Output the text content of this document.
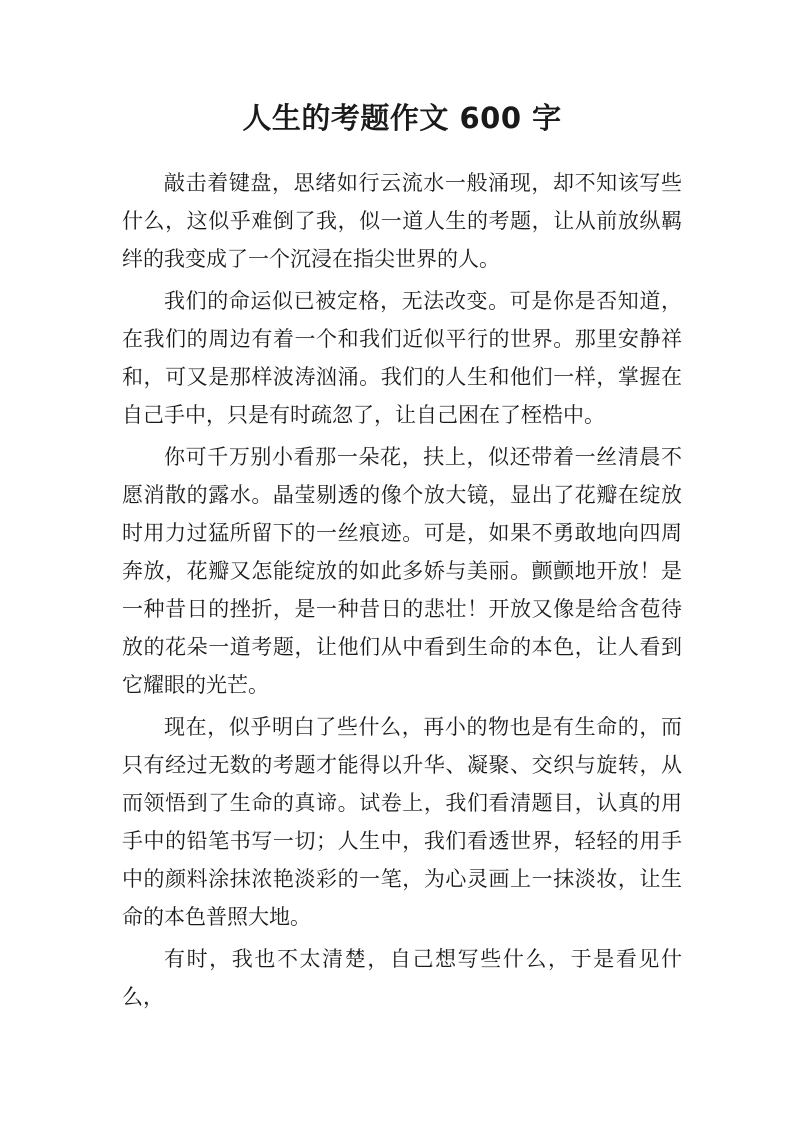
人生的考题作文 600 字

敲击着键盘，思绪如行云流水一般涌现，却不知该写些什么，这似乎难倒了我，似一道人生的考题，让从前放纵羁绊的我变成了一个沉浸在指尖世界的人。

我们的命运似已被定格，无法改变。可是你是否知道，在我们的周边有着一个和我们近似平行的世界。那里安静祥和，可又是那样波涛汹涌。我们的人生和他们一样，掌握在自己手中，只是有时疏忽了，让自己困在了桎梏中。

你可千万别小看那一朵花，扶上，似还带着一丝清晨不愿消散的露水。晶莹剔透的像个放大镜，显出了花瓣在绽放时用力过猛所留下的一丝痕迹。可是，如果不勇敢地向四周奔放，花瓣又怎能绽放的如此多娇与美丽。颤颤地开放！是一种昔日的挫折，是一种昔日的悲壮！开放又像是给含苞待放的花朵一道考题，让他们从中看到生命的本色，让人看到它耀眼的光芒。

现在，似乎明白了些什么，再小的物也是有生命的，而只有经过无数的考题才能得以升华、凝聚、交织与旋转，从而领悟到了生命的真谛。试卷上，我们看清题目，认真的用手中的铅笔书写一切；人生中，我们看透世界，轻轻的用手中的颜料涂抹浓艳淡彩的一笔，为心灵画上一抹淡妆，让生命的本色普照大地。

有时，我也不太清楚，自己想写些什么，于是看见什么，
